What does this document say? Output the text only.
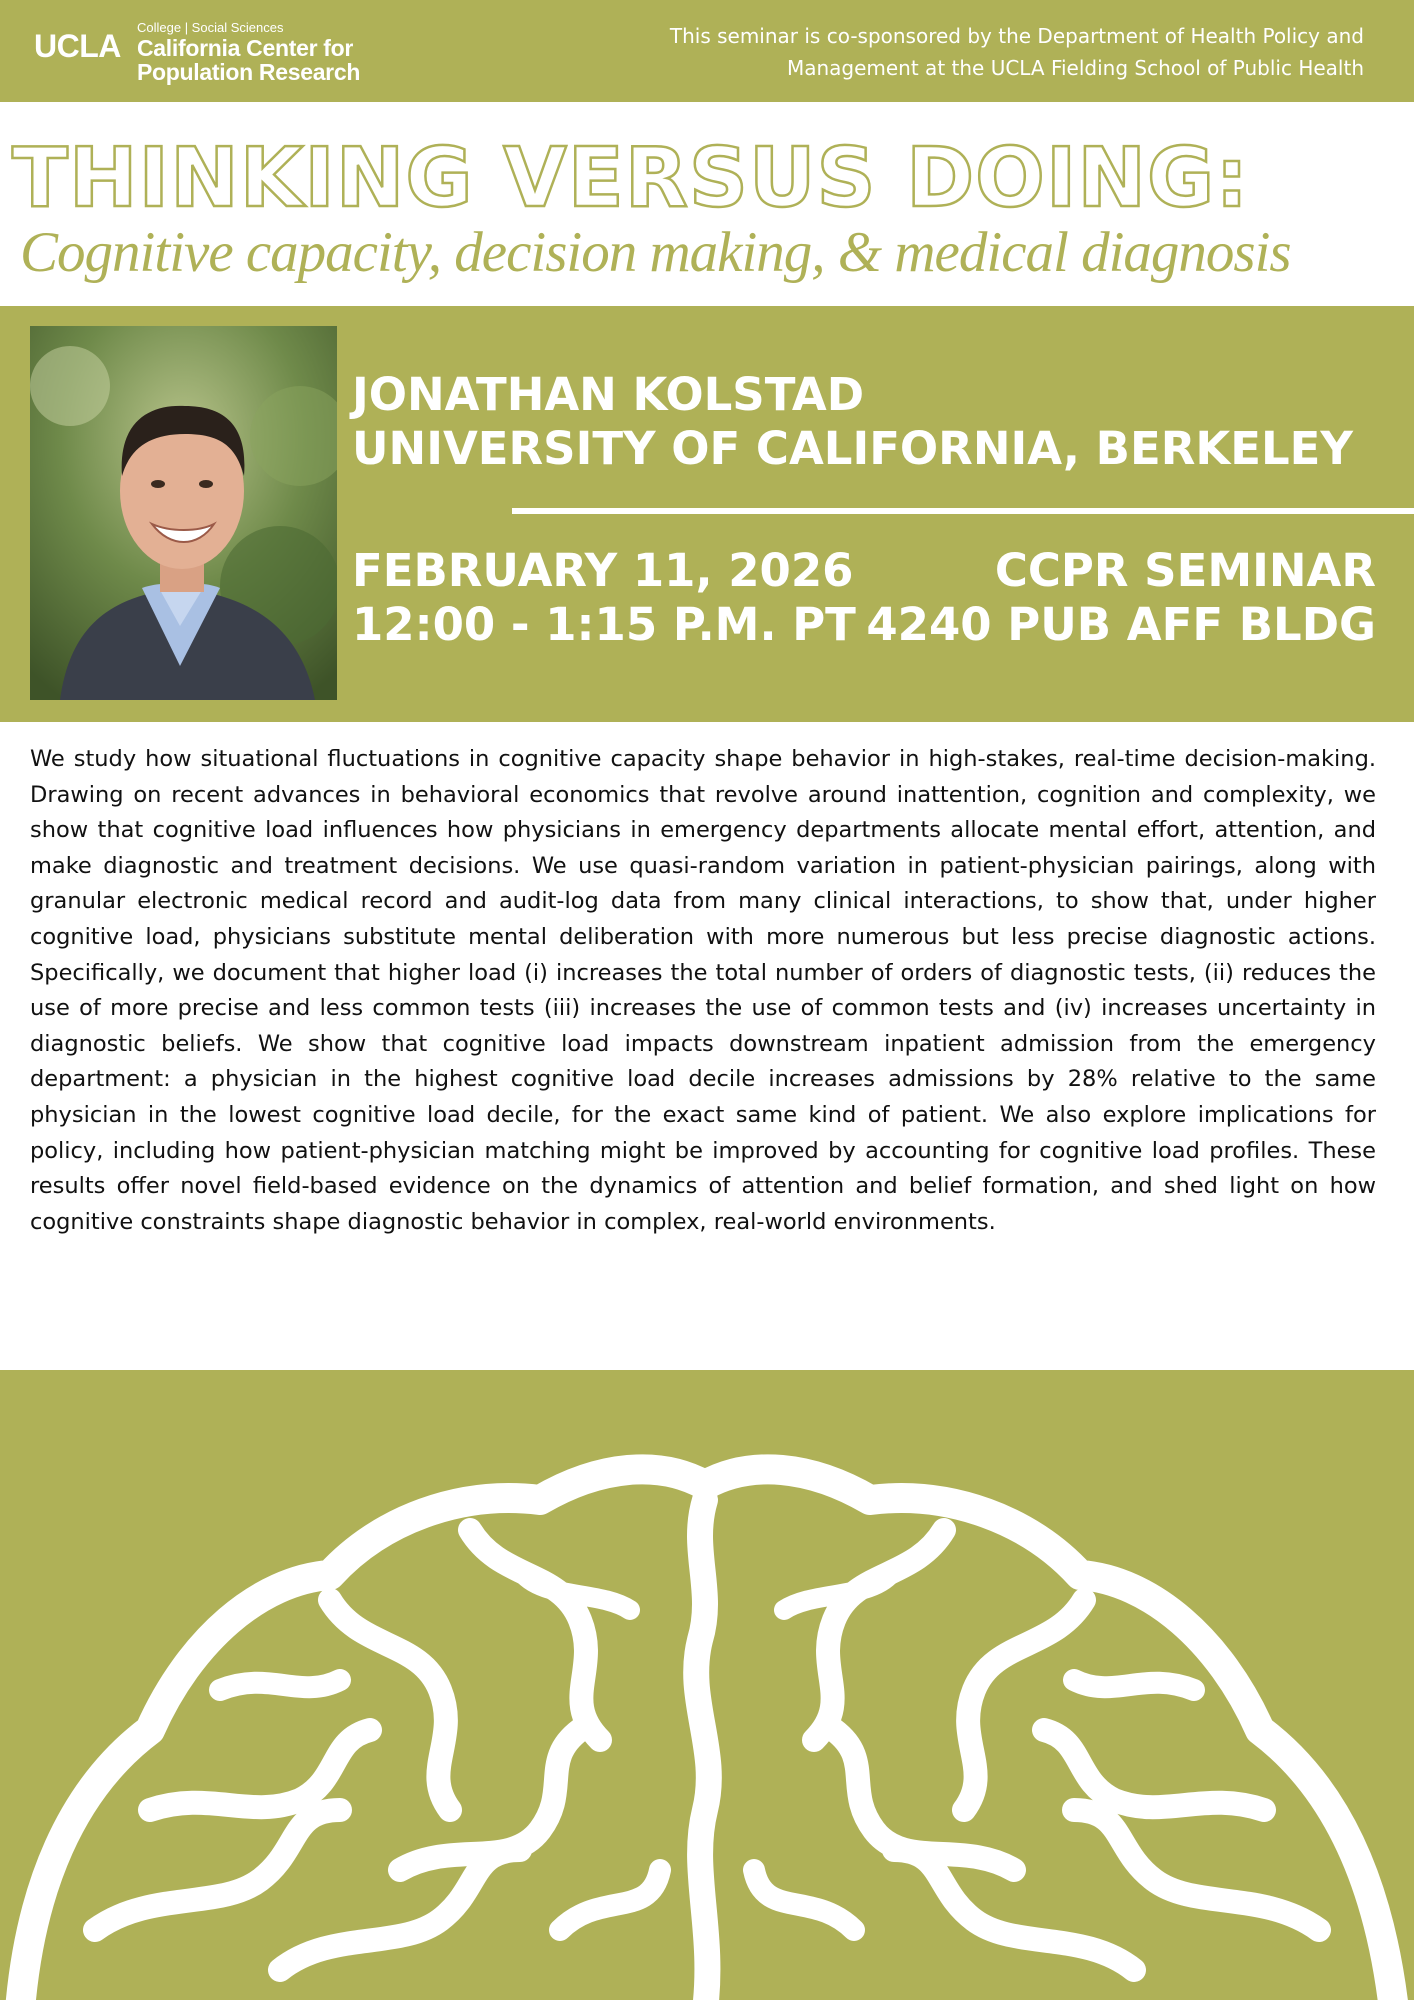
UCLA
College | Social Sciences
California Center for Population Research
This seminar is co-sponsored by the Department of Health Policy and
Management at the UCLA Fielding School of Public Health
THINKING VERSUS DOING:
Cognitive capacity, decision making, & medical diagnosis
JONATHAN KOLSTAD
UNIVERSITY OF CALIFORNIA, BERKELEY
FEBRUARY 11, 2026
12:00 - 1:15 P.M. PT
CCPR SEMINAR
4240 PUB AFF BLDG

We study how situational fluctuations in cognitive capacity shape behavior in high-stakes, real-time decision-making. Drawing on recent advances in behavioral economics that revolve around inattention, cognition and complexity, we show that cognitive load influences how physicians in emergency departments allocate mental effort, attention, and make diagnostic and treatment decisions. We use quasi-random variation in patient-physician pairings, along with granular electronic medical record and audit-log data from many clinical interactions, to show that, under higher cognitive load, physicians substitute mental deliberation with more numerous but less precise diagnostic actions. Specifically, we document that higher load (i) increases the total number of orders of diagnostic tests, (ii) reduces the use of more precise and less common tests (iii) increases the use of common tests and (iv) increases uncertainty in diagnostic beliefs. We show that cognitive load impacts downstream inpatient admission from the emergency department: a physician in the highest cognitive load decile increases admissions by 28% relative to the same physician in the lowest cognitive load decile, for the exact same kind of patient. We also explore implications for policy, including how patient-physician matching might be improved by accounting for cognitive load profiles. These results offer novel field-based evidence on the dynamics of attention and belief formation, and shed light on how cognitive constraints shape diagnostic behavior in complex, real-world environments.
